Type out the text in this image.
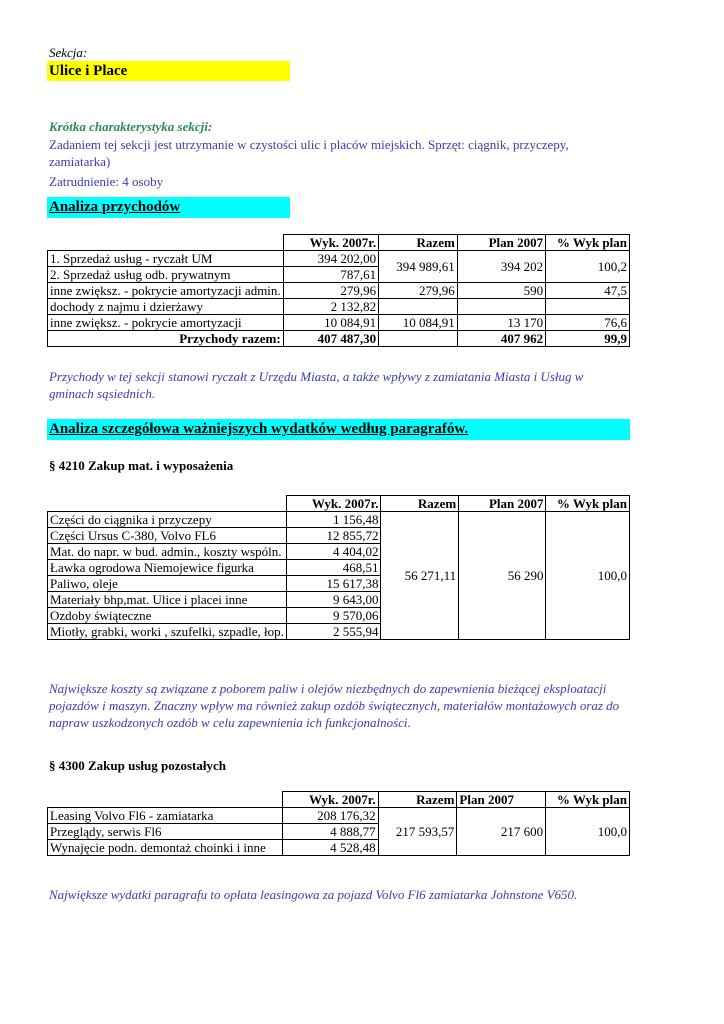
Sekcja:
Ulice i Place
Krótka charakterystyka sekcji:
Zadaniem tej sekcji jest utrzymanie w czystości ulic i placów miejskich. Sprzęt: ciągnik, przyczepy, zamiatarka)
Zatrudnienie: 4 osoby
Analiza przychodów
	Wyk. 2007r.	Razem	Plan 2007	% Wyk plan
1. Sprzedaż usług - ryczałt UM	394 202,00	394 989,61	394 202	100,2
2. Sprzedaż usług odb. prywatnym	787,61			
inne zwiększ. - pokrycie amortyzacji admin.	279,96	279,96	590	47,5
dochody z najmu i dzierżawy	2 132,82			
inne zwiększ. - pokrycie amortyzacji	10 084,91	10 084,91	13 170	76,6
Przychody razem:	407 487,30		407 962	99,9
Przychody w tej sekcji stanowi ryczałt z Urzędu Miasta, a także wpływy z zamiatania Miasta i Usług w gminach sąsiednich.
Analiza szczegółowa ważniejszych wydatków według paragrafów.
§ 4210 Zakup mat. i wyposażenia
	Wyk. 2007r.	Razem	Plan 2007	% Wyk plan
Części do ciągnika i przyczepy	1 156,48	56 271,11	56 290	100,0
Części Ursus C-380, Volvo FL6	12 855,72			
Mat. do napr. w bud. admin., koszty wspóln.	4 404,02			
Ławka ogrodowa Niemojewice figurka	468,51			
Paliwo, oleje	15 617,38			
Materiały bhp,mat. Ulice i placei inne	9 643,00			
Ozdoby świąteczne	9 570,06			
Miotły, grabki, worki , szufelki, szpadle, łop.	2 555,94			
Największe koszty są związane z poborem paliw i olejów niezbędnych do zapewnienia bieżącej eksploatacji pojazdów i maszyn. Znaczny wpływ ma również zakup ozdób świątecznych, materiałów montażowych oraz do napraw uszkodzonych ozdób w celu zapewnienia ich funkcjonalności.
§ 4300 Zakup usług pozostałych
	Wyk. 2007r.	Razem	Plan 2007	% Wyk plan
Leasing Volvo Fl6 - zamiatarka	208 176,32	217 593,57	217 600	100,0
Przeglądy, serwis Fl6	4 888,77			
Wynajęcie podn. demontaż choinki i inne	4 528,48			
Największe wydatki paragrafu to opłata leasingowa za pojazd Volvo Fl6 zamiatarka Johnstone V650.
